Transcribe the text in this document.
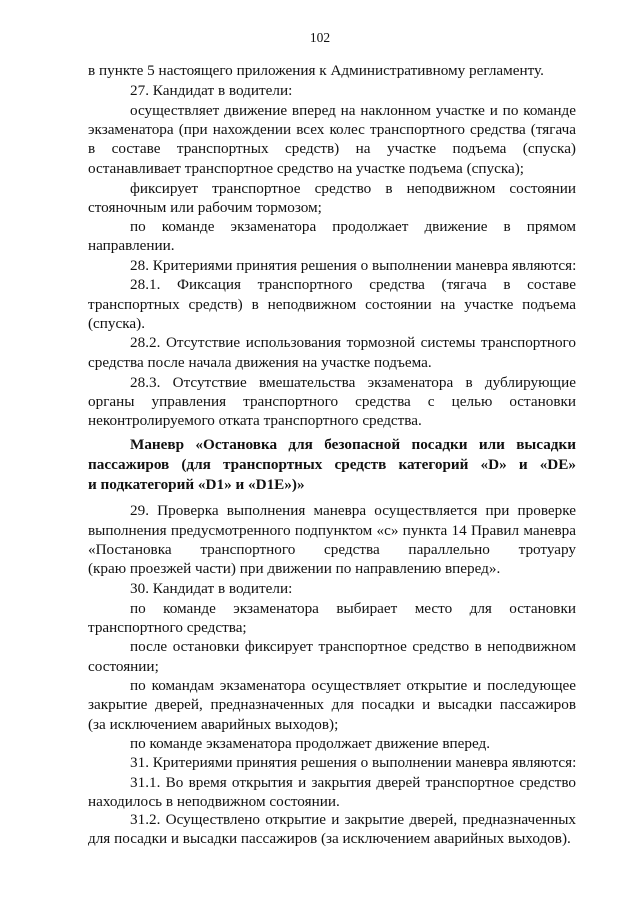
102
в пункте 5 настоящего приложения к Административному регламенту.
27. Кандидат в водители:
осуществляет движение вперед на наклонном участке и по команде
экзаменатора (при нахождении всех колес транспортного средства (тягача
в составе транспортных средств) на участке подъема (спуска)
останавливает транспортное средство на участке подъема (спуска);
фиксирует транспортное средство в неподвижном состоянии
стояночным или рабочим тормозом;
по команде экзаменатора продолжает движение в прямом
направлении.
28. Критериями принятия решения о выполнении маневра являются:
28.1. Фиксация транспортного средства (тягача в составе
транспортных средств) в неподвижном состоянии на участке подъема
(спуска).
28.2. Отсутствие использования тормозной системы транспортного
средства после начала движения на участке подъема.
28.3. Отсутствие вмешательства экзаменатора в дублирующие
органы управления транспортного средства с целью остановки
неконтролируемого отката транспортного средства.
Маневр «Остановка для безопасной посадки или высадки
пассажиров (для транспортных средств категорий «D» и «DE»
и подкатегорий «D1» и «D1E»)»
29. Проверка выполнения маневра осуществляется при проверке
выполнения предусмотренного подпунктом «с» пункта 14 Правил маневра
«Постановка транспортного средства параллельно тротуару
(краю проезжей части) при движении по направлению вперед».
30. Кандидат в водители:
по команде экзаменатора выбирает место для остановки
транспортного средства;
после остановки фиксирует транспортное средство в неподвижном
состоянии;
по командам экзаменатора осуществляет открытие и последующее
закрытие дверей, предназначенных для посадки и высадки пассажиров
(за исключением аварийных выходов);
по команде экзаменатора продолжает движение вперед.
31. Критериями принятия решения о выполнении маневра являются:
31.1. Во время открытия и закрытия дверей транспортное средство
находилось в неподвижном состоянии.
31.2. Осуществлено открытие и закрытие дверей, предназначенных
для посадки и высадки пассажиров (за исключением аварийных выходов).
